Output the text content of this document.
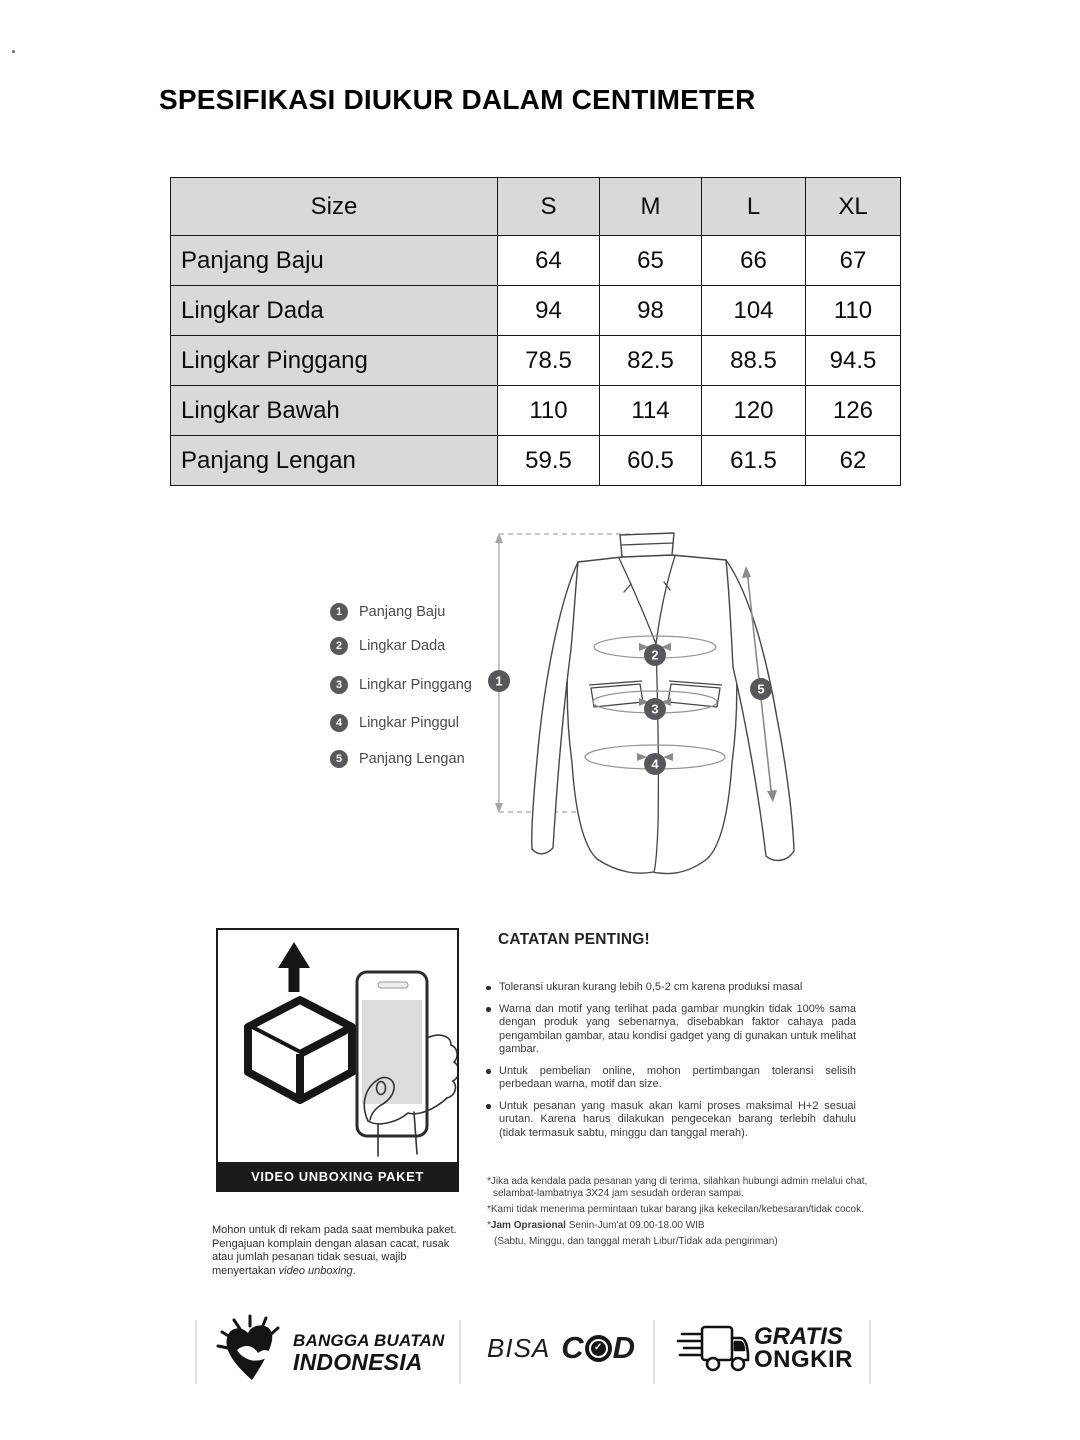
SPESIFIKASI DIUKUR DALAM CENTIMETER
Size	S	M	L	XL
Panjang Baju	64	65	66	67
Lingkar Dada	94	98	104	110
Lingkar Pinggang	78.5	82.5	88.5	94.5
Lingkar Bawah	110	114	120	126
Panjang Lengan	59.5	60.5	61.5	62
1	Panjang Baju
2	Lingkar Dada
3	Lingkar Pinggang
4	Lingkar Pinggul
5	Panjang Lengan
1
2
3
4
5
VIDEO UNBOXING PAKET

Mohon untuk di rekam pada saat membuka paket. Pengajuan komplain dengan alasan cacat, rusak atau jumlah pesanan tidak sesuai, wajib menyertakan video unboxing.

CATATAN PENTING!
Toleransi ukuran kurang lebih 0,5-2 cm karena produksi masal
Warna dan motif yang terlihat pada gambar mungkin tidak 100% sama dengan produk yang sebenarnya, disebabkan faktor cahaya pada pengambilan gambar, atau kondisi gadget yang di gunakan untuk melihat gambar.
Untuk pembelian online, mohon pertimbangan toleransi selisih perbedaan warna, motif dan size.
Untuk pesanan yang masuk akan kami proses maksimal H+2 sesuai urutan. Karena harus dilakukan pengecekan barang terlebih dahulu (tidak termasuk sabtu, minggu dan tanggal merah).

*Jika ada kendala pada pesanan yang di terima, silahkan hubungi admin melalui chat, selambat-lambatnya 3X24 jam sesudah orderan sampai.

*Kami tidak menerima permintaan tukar barang jika kekecilan/kebesaran/tidak cocok.

*Jam Oprasional Senin-Jum'at 09.00-18.00 WIB

(Sabtu, Minggu, dan tanggal merah Libur/Tidak ada pengiriman)

BANGGA BUATAN
INDONESIA	BISA C	✓ D	GRATIS
ONGKIR
